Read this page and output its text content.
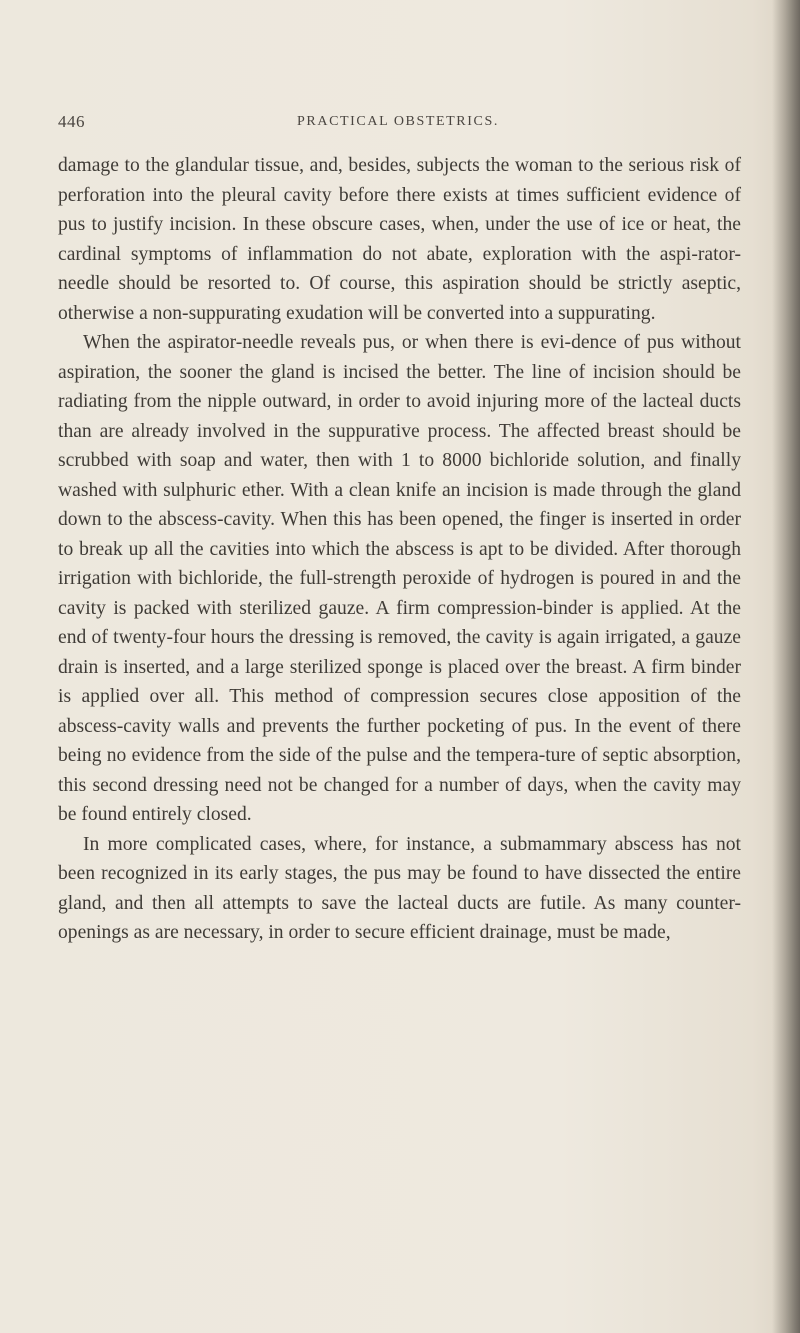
446	PRACTICAL OBSTETRICS.

damage to the glandular tissue, and, besides, subjects the woman to the serious risk of perforation into the pleural cavity before there exists at times sufficient evidence of pus to justify incision. In these obscure cases, when, under the use of ice or heat, the cardinal symptoms of inflammation do not abate, exploration with the aspi-rator-needle should be resorted to. Of course, this aspiration should be strictly aseptic, otherwise a non-suppurating exudation will be converted into a suppurating.

When the aspirator-needle reveals pus, or when there is evi-dence of pus without aspiration, the sooner the gland is incised the better. The line of incision should be radiating from the nipple outward, in order to avoid injuring more of the lacteal ducts than are already involved in the suppurative process. The affected breast should be scrubbed with soap and water, then with 1 to 8000 bichloride solution, and finally washed with sulphuric ether. With a clean knife an incision is made through the gland down to the abscess-cavity. When this has been opened, the finger is inserted in order to break up all the cavities into which the abscess is apt to be divided. After thorough irrigation with bichloride, the full-strength peroxide of hydrogen is poured in and the cavity is packed with sterilized gauze. A firm compression-binder is applied. At the end of twenty-four hours the dressing is removed, the cavity is again irrigated, a gauze drain is inserted, and a large sterilized sponge is placed over the breast. A firm binder is applied over all. This method of compression secures close apposition of the abscess-cavity walls and prevents the further pocketing of pus. In the event of there being no evidence from the side of the pulse and the tempera-ture of septic absorption, this second dressing need not be changed for a number of days, when the cavity may be found entirely closed.

In more complicated cases, where, for instance, a submammary abscess has not been recognized in its early stages, the pus may be found to have dissected the entire gland, and then all attempts to save the lacteal ducts are futile. As many counter-openings as are necessary, in order to secure efficient drainage, must be made,
